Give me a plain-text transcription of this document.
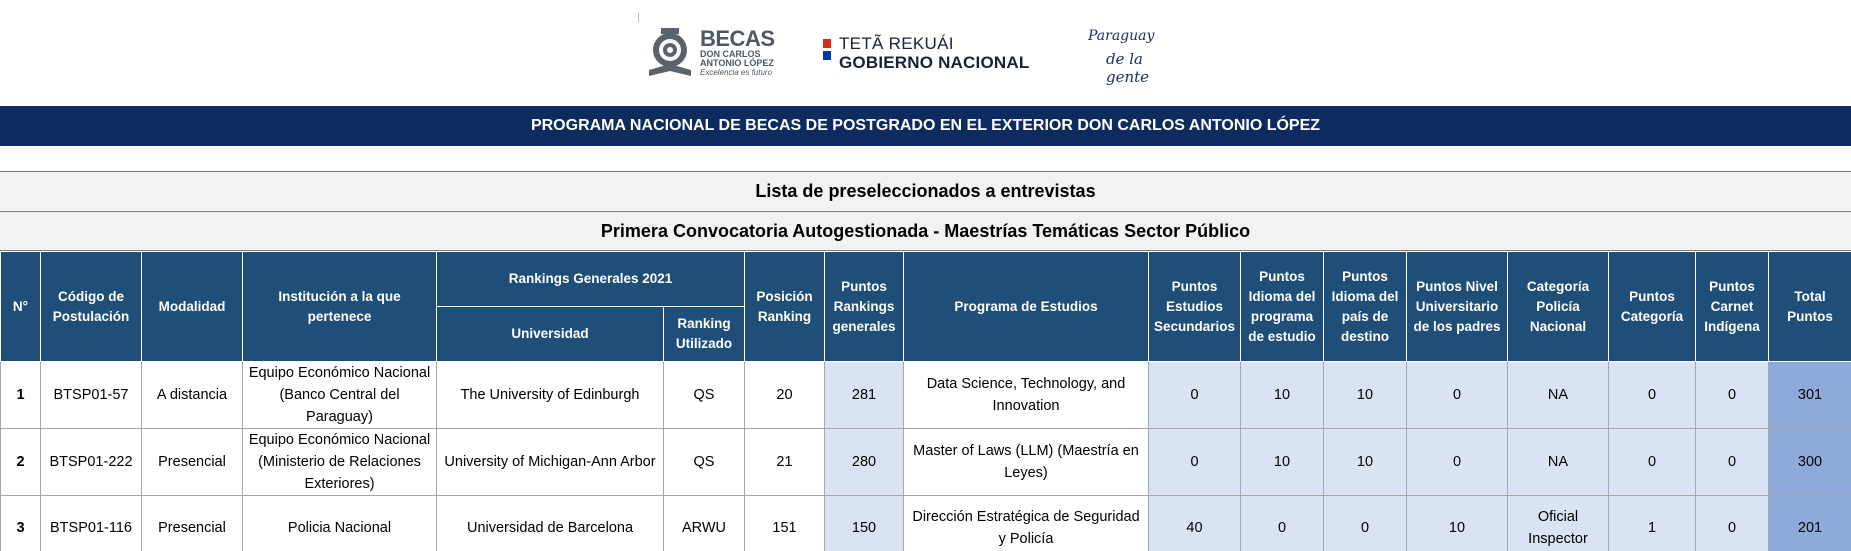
BECAS
DON CARLOS
ANTONIO LÓPEZ
Excelencia es futuro
TETÃ REKUÁI
GOBIERNO NACIONAL
Paraguay
de la gente
PROGRAMA NACIONAL DE BECAS DE POSTGRADO EN EL EXTERIOR DON CARLOS ANTONIO LÓPEZ
Lista de preseleccionados a entrevistas
Primera Convocatoria Autogestionada - Maestrías Temáticas Sector Público
N°	Código de Postulación	Modalidad	Institución a la que pertenece	Rankings Generales 2021		Posición Ranking	Puntos Rankings generales	Programa de Estudios	Puntos Estudios Secundarios	Puntos Idioma del programa de estudio	Puntos Idioma del país de destino	Puntos Nivel Universitario de los padres	Categoría Policía Nacional	Puntos Categoría	Puntos Carnet Indígena	Total Puntos
				Universidad	Ranking Utilizado											
1	BTSP01-57	A distancia	Equipo Económico Nacional (Banco Central del Paraguay)	The University of Edinburgh	QS	20	281	Data Science, Technology, and Innovation	0	10	10	0	NA	0	0	301
2	BTSP01-222	Presencial	Equipo Económico Nacional (Ministerio de Relaciones Exteriores)	University of Michigan-Ann Arbor	QS	21	280	Master of Laws (LLM) (Maestría en Leyes)	0	10	10	0	NA	0	0	300
3	BTSP01-116	Presencial	Policia Nacional	Universidad de Barcelona	ARWU	151	150	Dirección Estratégica de Seguridad y Policía	40	0	0	10	Oficial Inspector	1	0	201
